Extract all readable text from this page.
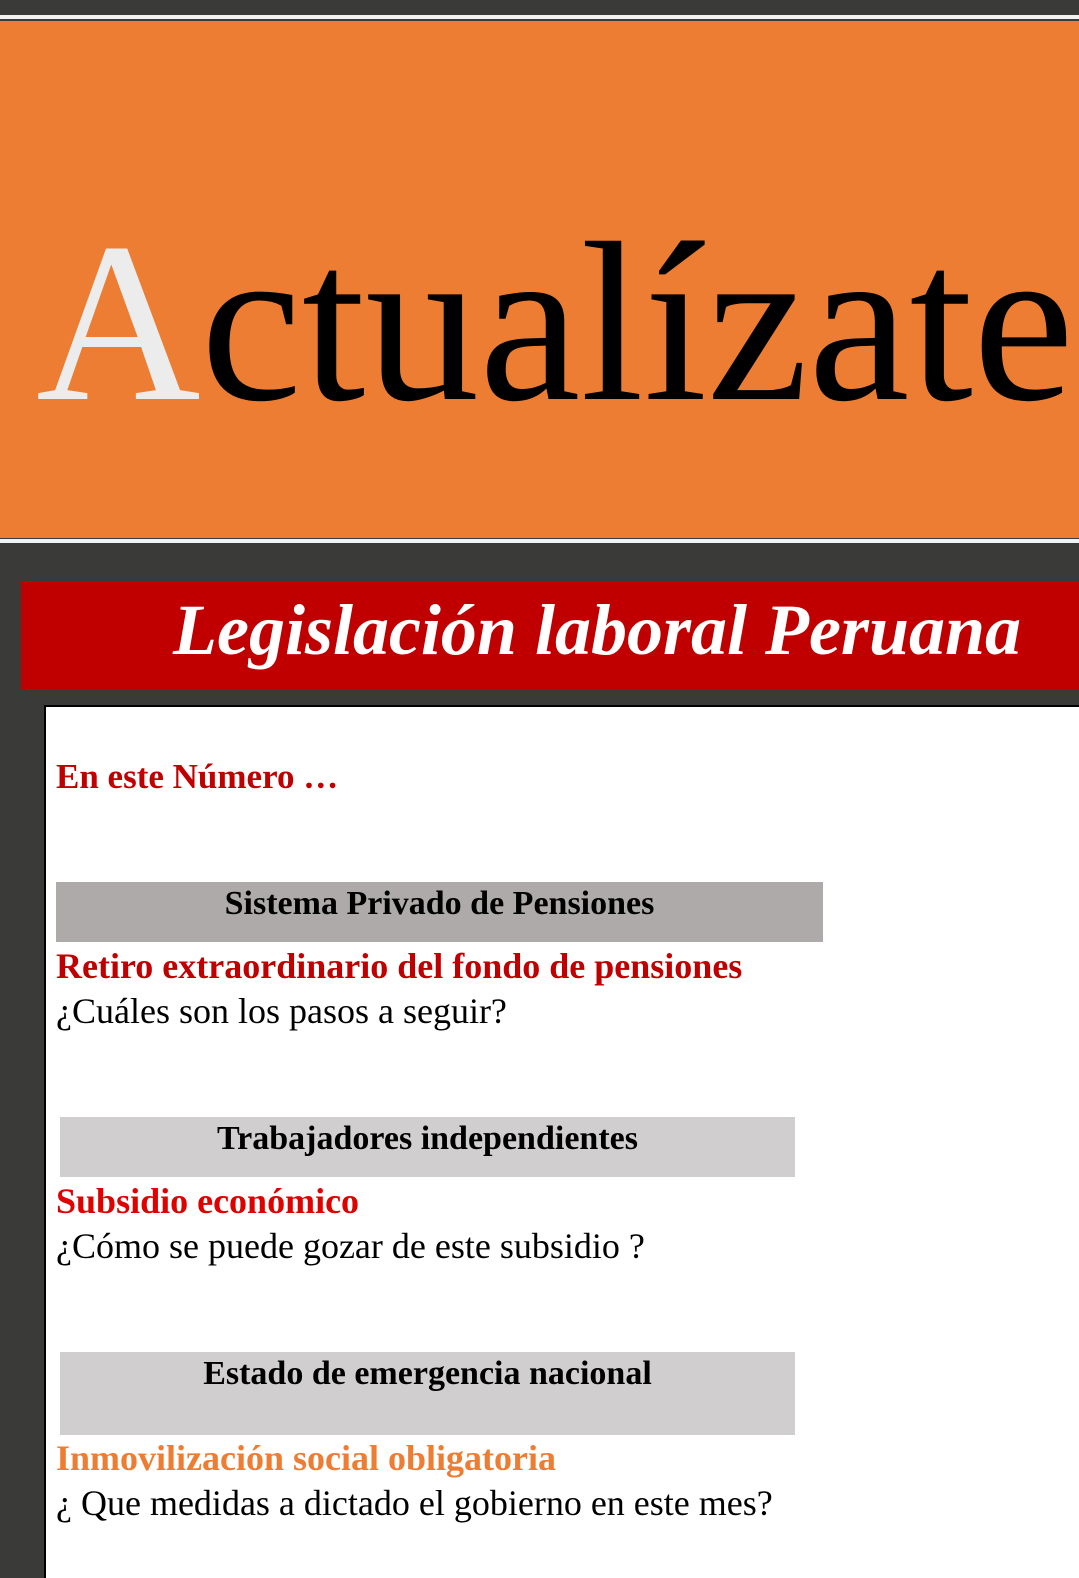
Actualízate
Legislación laboral Peruana
En este Número …
Sistema Privado de Pensiones
Retiro extraordinario del fondo de pensiones
¿Cuáles son los pasos a seguir?
Trabajadores independientes
Subsidio económico
¿Cómo se puede gozar de este subsidio ?
Estado de emergencia nacional
Inmovilización social obligatoria
¿ Que medidas a dictado el gobierno en este mes?
